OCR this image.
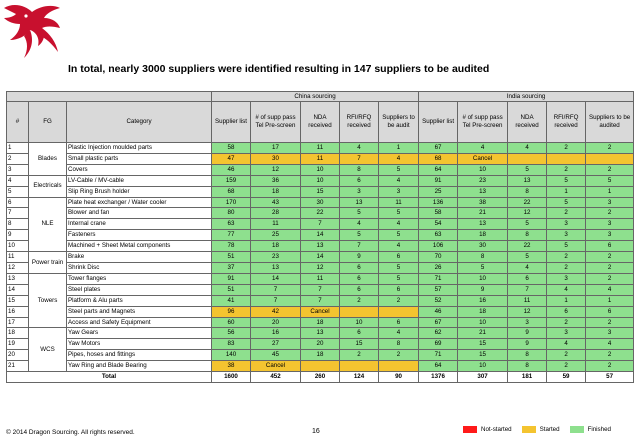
In total, nearly 3000 suppliers were identified resulting in 147 suppliers to be audited
			China sourcing					India sourcing				
#	FG	Category	Supplier list	# of supp pass Tel Pre-screen	NDA received	RFI/RFQ received	Suppliers to be audit	Supplier list	# of supp pass Tel Pre-screen	NDA received	RFI/RFQ received	Suppliers to be audited
1	Blades	Plastic Injection moulded parts	58	17	11	4	1	67	4	4	2	2
2		Small plastic parts	47	30	11	7	4	68	Cancel			
3		Covers	46	12	10	8	5	64	10	5	2	2
4	Electricals	LV-Cable / MV-cable	159	36	10	6	4	91	23	13	5	5
5		Slip Ring Brush holder	68	18	15	3	3	25	13	8	1	1
6	NLE	Plate heat exchanger / Water cooler	170	43	30	13	11	136	38	22	5	3
7		Blower and fan	80	28	22	5	5	58	21	12	2	2
8		Internal crane	63	11	7	4	4	54	13	5	3	3
9		Fasteners	77	25	14	5	5	63	18	8	3	3
10		Machined + Sheet Metal components	78	18	13	7	4	106	30	22	5	6
11	Power train	Brake	51	23	14	9	6	70	8	5	2	2
12		Shrink Disc	37	13	12	6	5	26	5	4	2	2
13	Towers	Tower flanges	91	14	11	6	5	71	10	6	3	2
14		Steel plates	51	7	7	6	6	57	9	7	4	4
15		Platform & Alu parts	41	7	7	2	2	52	16	11	1	1
16		Steel parts and Magnets	96	42	Cancel			46	18	12	6	6
17		Access and Safety Equipment	60	20	18	10	6	67	10	3	2	2
18	WCS	Yaw Gears	56	16	13	6	4	62	21	9	3	3
19		Yaw Motors	83	27	20	15	8	69	15	9	4	4
20		Pipes, hoses and fittings	140	45	18	2	2	71	15	8	2	2
21		Yaw Ring and Blade Bearing	38	Cancel				64	10	8	2	2
Total			1600	452	260	124	90	1376	307	181	59	57
© 2014 Dragon Sourcing. All rights reserved.	16	Not-started	Started	Finished
